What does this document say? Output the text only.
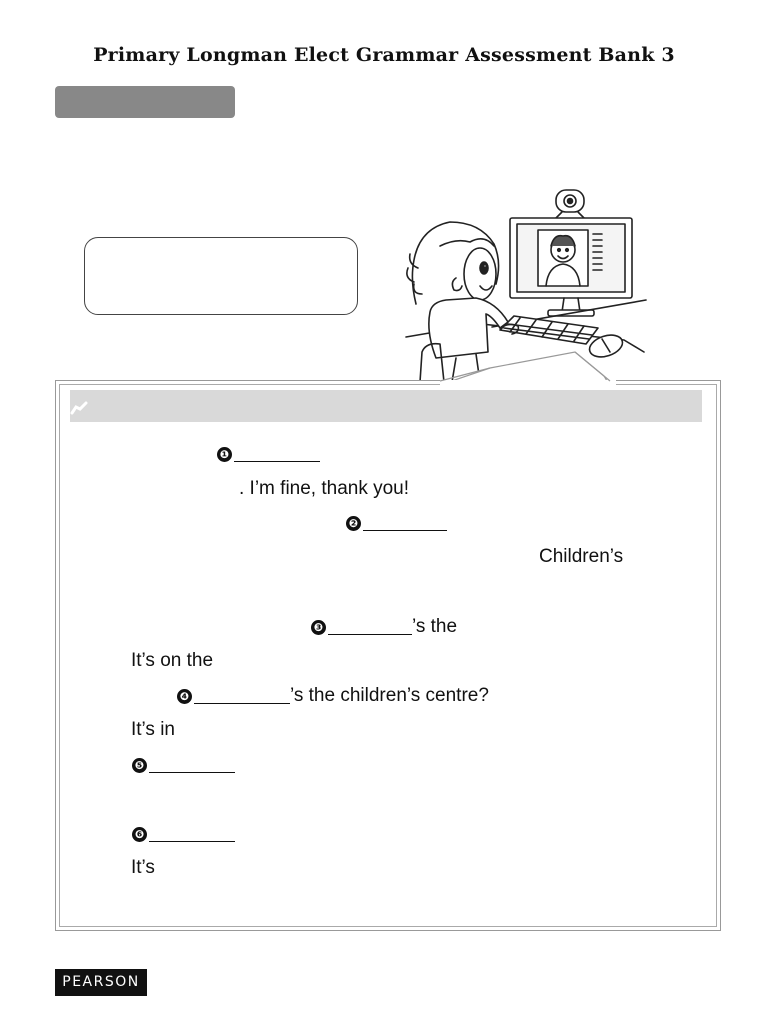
Primary Longman Elect Grammar Assessment Bank 3
❶
. I’m fine, thank you!
❷
Children’s
❸	’s the
It’s on the
❹	’s the children’s centre?
It’s in
❺
❻
It’s
PEARSON
